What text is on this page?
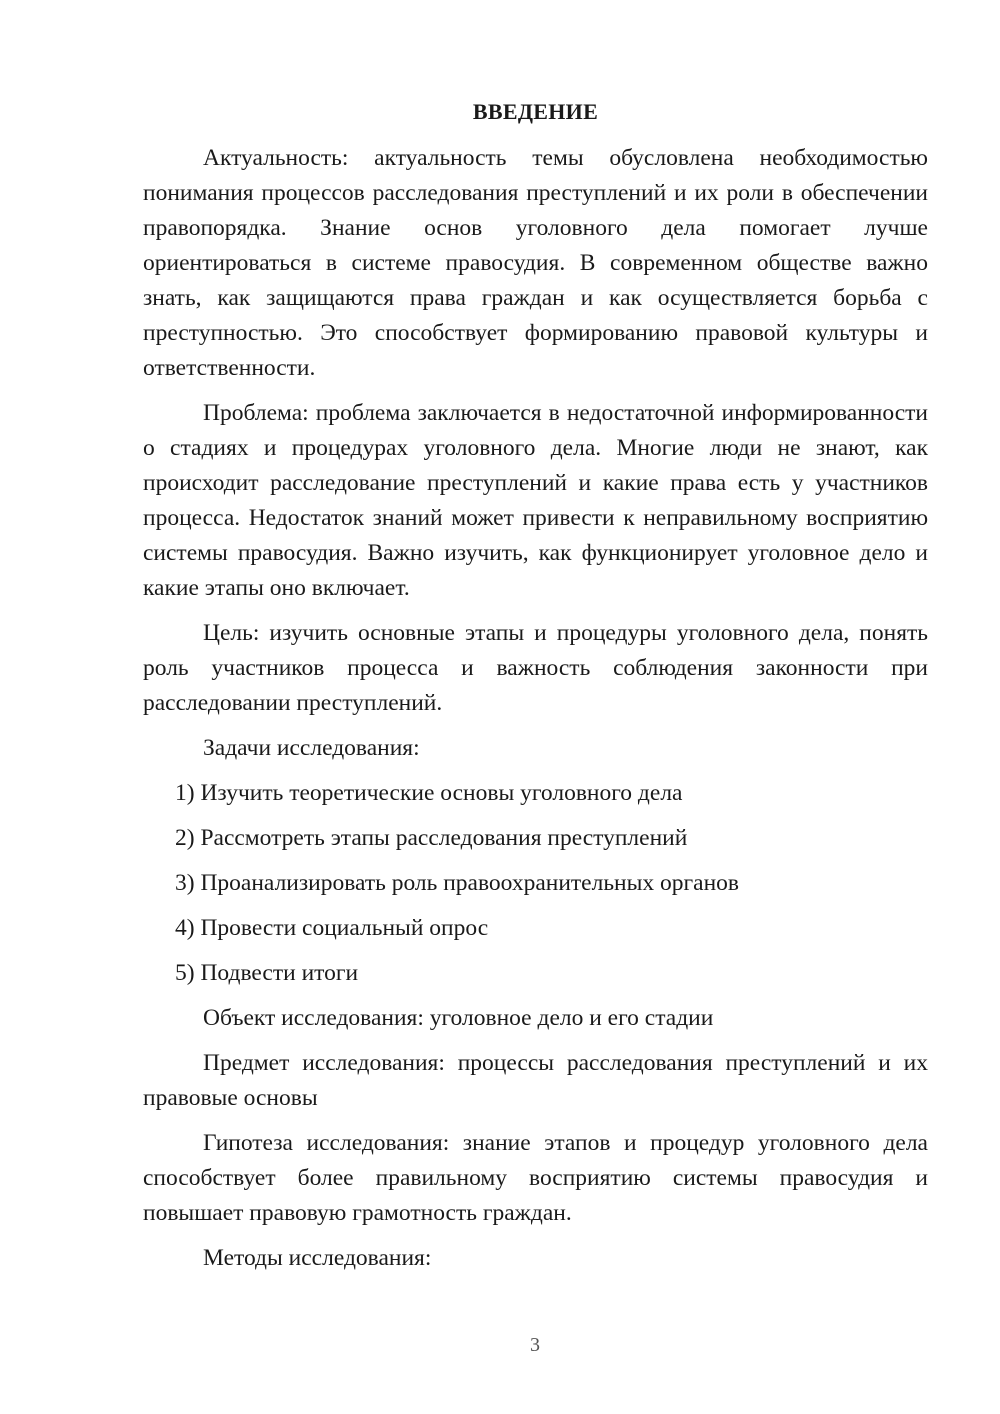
ВВЕДЕНИЕ

Актуальность: актуальность темы обусловлена необходимостью понимания процессов расследования преступлений и их роли в обеспечении правопорядка. Знание основ уголовного дела помогает лучше ориентироваться в системе правосудия. В современном обществе важно знать, как защищаются права граждан и как осуществляется борьба с преступностью. Это способствует формированию правовой культуры и ответственности.

Проблема: проблема заключается в недостаточной информированности о стадиях и процедурах уголовного дела. Многие люди не знают, как происходит расследование преступлений и какие права есть у участников процесса. Недостаток знаний может привести к неправильному восприятию системы правосудия. Важно изучить, как функционирует уголовное дело и какие этапы оно включает.

Цель: изучить основные этапы и процедуры уголовного дела, понять роль участников процесса и важность соблюдения законности при расследовании преступлений.

Задачи исследования:

1) Изучить теоретические основы уголовного дела
2) Рассмотреть этапы расследования преступлений
3) Проанализировать роль правоохранительных органов
4) Провести социальный опрос
5) Подвести итоги

Объект исследования: уголовное дело и его стадии

Предмет исследования: процессы расследования преступлений и их правовые основы

Гипотеза исследования: знание этапов и процедур уголовного дела способствует более правильному восприятию системы правосудия и повышает правовую грамотность граждан.

Методы исследования:

3
